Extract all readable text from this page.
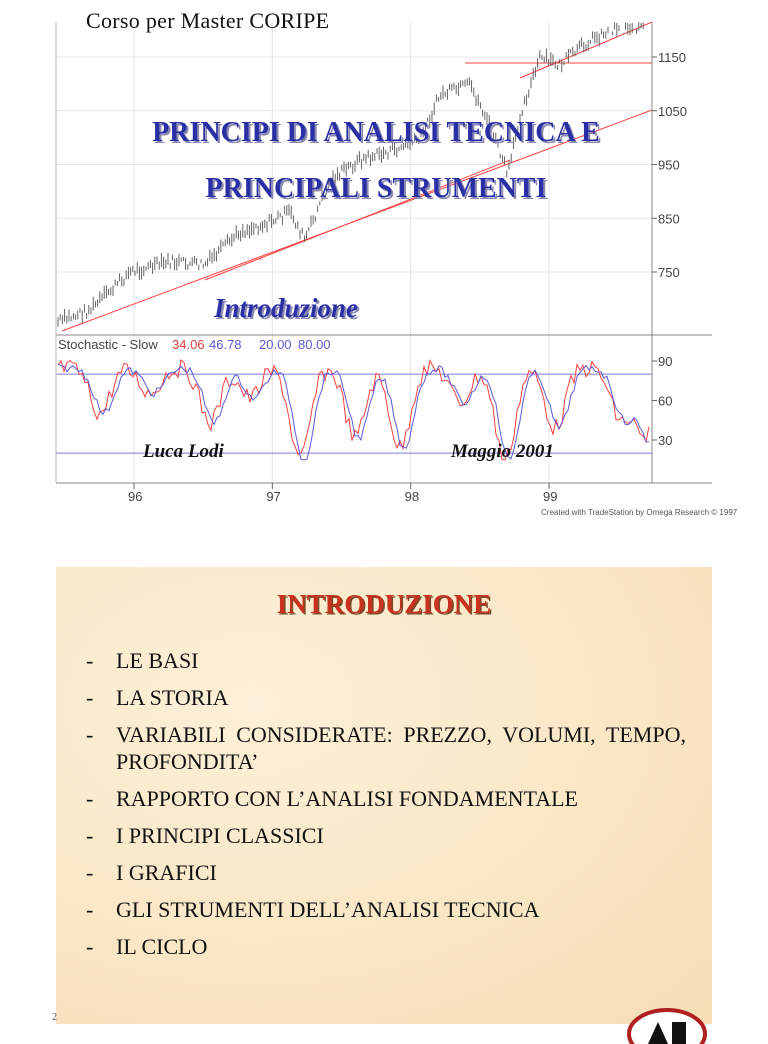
1150
1050
950
850
750
90
60
30
96	97	98	99
Stochastic - Slow 34.06 46.78 20.00 80.00
Created with TradeStation by Omega Research © 1997
Corso per Master CORIPE
PRINCIPI DI ANALISI TECNICA E
PRINCIPALI STRUMENTI
Introduzione
Luca Lodi	Maggio 2001
INTRODUZIONE
- LE BASI
- LA STORIA
- VARIABILI CONSIDERATE: PREZZO, VOLUMI, TEMPO, PROFONDITA’
- RAPPORTO CON L’ANALISI FONDAMENTALE
- I PRINCIPI CLASSICI
- I GRAFICI
- GLI STRUMENTI DELL’ANALISI TECNICA
- IL CICLO
2
